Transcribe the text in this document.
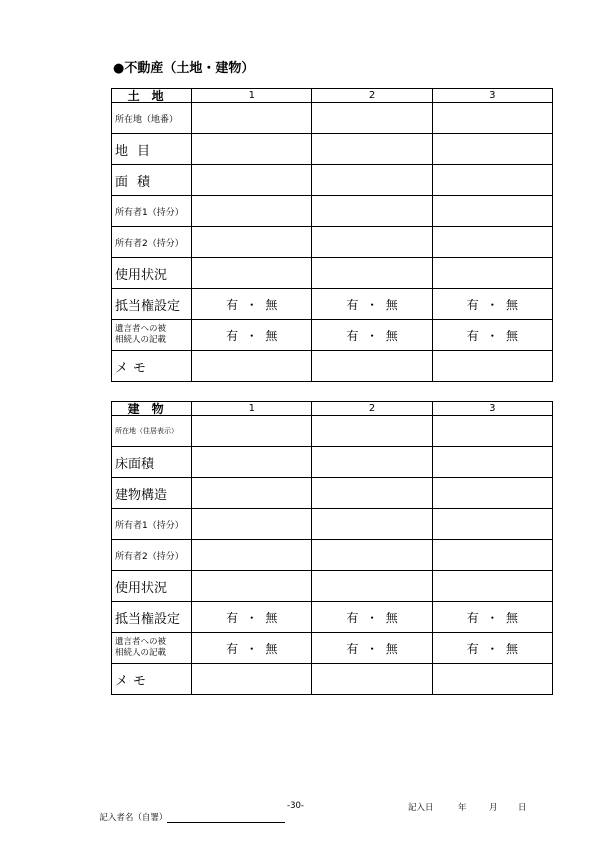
●不動産（土地・建物）
土地	1	2	3
所在地（地番）			
地目			
面積			
所有者1（持分）			
所有者2（持分）			
使用状況			
抵当権設定	有  ・  無	有  ・  無	有  ・  無

遺言者への被
相続人の記載	有  ・  無	有  ・  無	有  ・  無
メモ			
建物	1	2	3
所在地（住居表示）			
床面積			
建物構造			
所有者1（持分）			
所有者2（持分）			
使用状況			
抵当権設定	有  ・  無	有  ・  無	有  ・  無

遺言者への被
相続人の記載	有  ・  無	有  ・  無	有  ・  無
メモ			

記入者名（自署）

-30-	記入日	年	月 日
